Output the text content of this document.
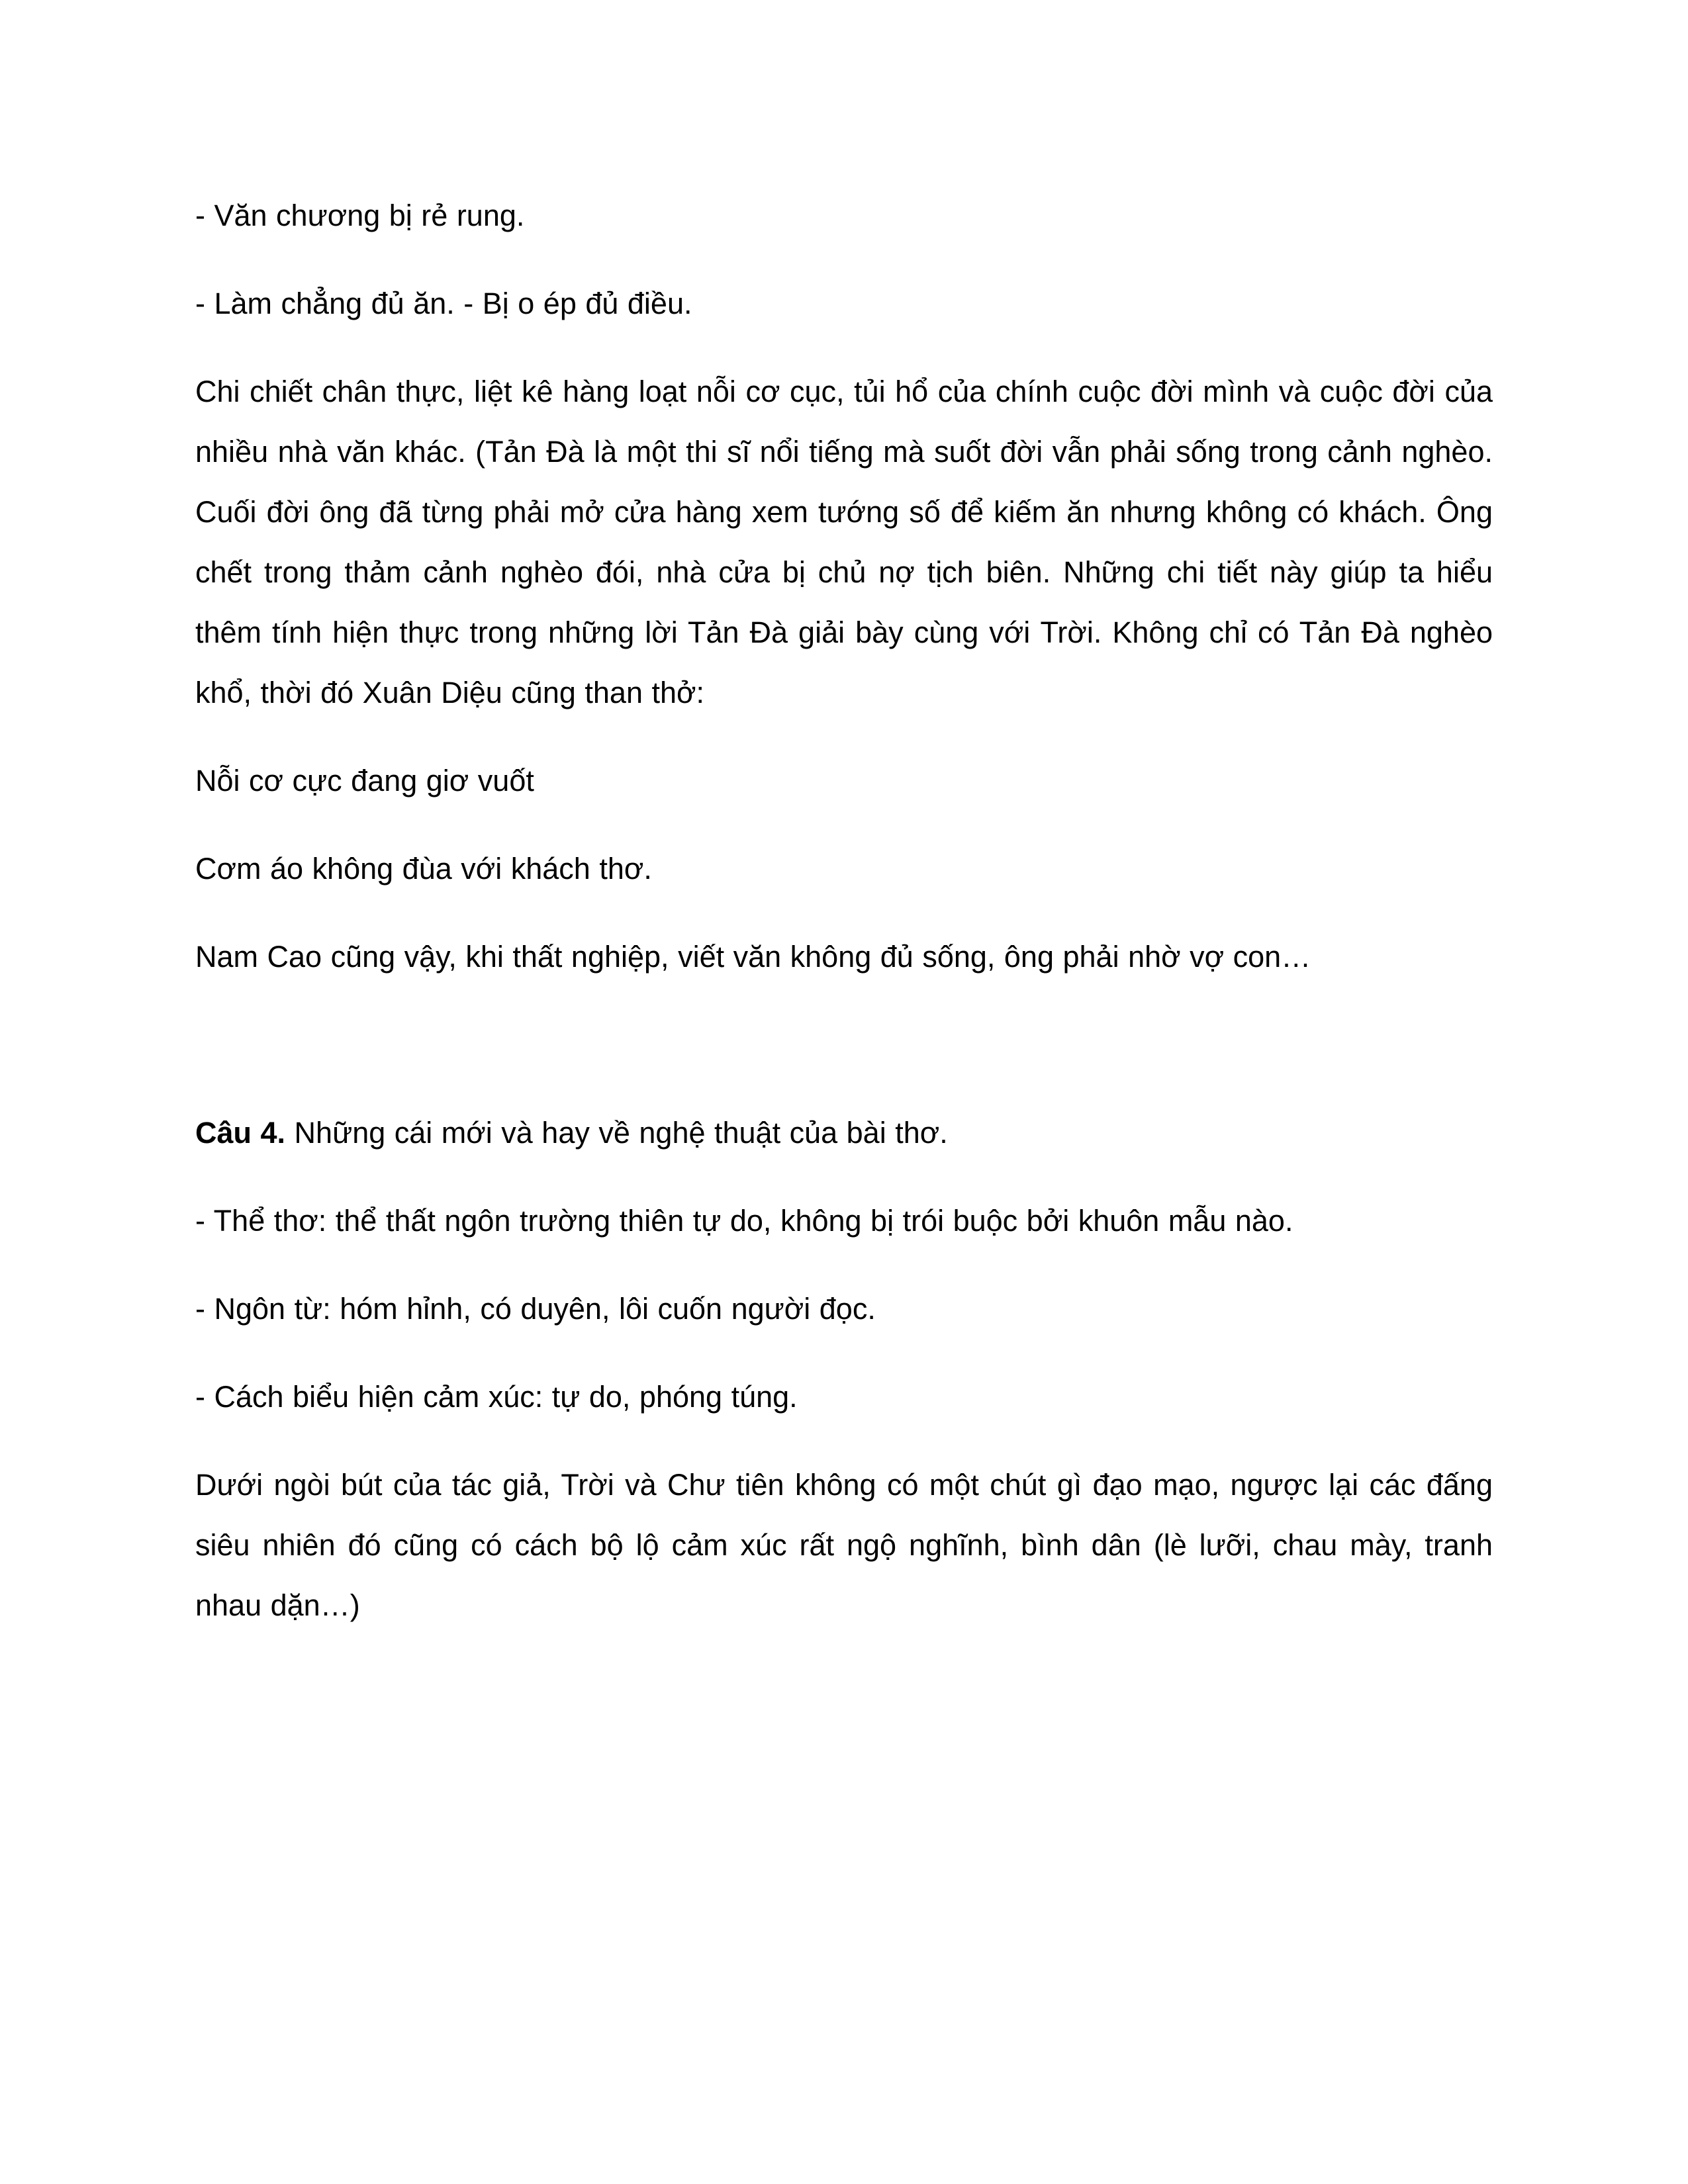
- Văn chương bị rẻ rung.
- Làm chẳng đủ ăn. - Bị o ép đủ điều.
Chi chiết chân thực, liệt kê hàng loạt nỗi cơ cục, tủi hổ của chính cuộc đời mình và cuộc đời của nhiều nhà văn khác. (Tản Đà là một thi sĩ nổi tiếng mà suốt đời vẫn phải sống trong cảnh nghèo. Cuối đời ông đã từng phải mở cửa hàng xem tướng số để kiếm ăn nhưng không có khách. Ông chết trong thảm cảnh nghèo đói, nhà cửa bị chủ nợ tịch biên. Những chi tiết này giúp ta hiểu thêm tính hiện thực trong những lời Tản Đà giải bày cùng với Trời. Không chỉ có Tản Đà nghèo khổ, thời đó Xuân Diệu cũng than thở:
Nỗi cơ cực đang giơ vuốt
Cơm áo không đùa với khách thơ.
Nam Cao cũng vậy, khi thất nghiệp, viết văn không đủ sống, ông phải nhờ vợ con…
Câu 4. Những cái mới và hay về nghệ thuật của bài thơ.
- Thể thơ: thể thất ngôn trường thiên tự do, không bị trói buộc bởi khuôn mẫu nào.
- Ngôn từ: hóm hỉnh, có duyên, lôi cuốn người đọc.
- Cách biểu hiện cảm xúc: tự do, phóng túng.
Dưới ngòi bút của tác giả, Trời và Chư tiên không có một chút gì đạo mạo, ngược lại các đấng siêu nhiên đó cũng có cách bộ lộ cảm xúc rất ngộ nghĩnh, bình dân (lè lưỡi, chau mày, tranh nhau dặn…)
